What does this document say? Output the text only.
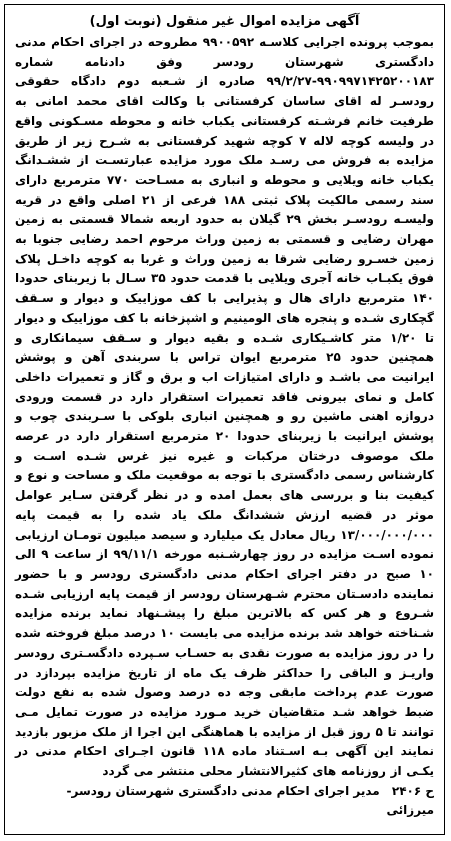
آگهی مزایده اموال غیر منقول (نوبت اول)

بموجب پرونده اجرایی کلاسـه ۹۹۰۰۵۹۲ مطروحه در اجرای احکام مدنی دادگستری شهرستان رودسر وفق دادنامه شماره ۹۹۰۹۹۷۱۴۲۵۲۰۰۱۸۳-۹۹/۲/۲۷ صادره از شـعبه دوم دادگاه حقوقی رودسـر له اقای ساسان کرفستانی با وکالت اقای محمد امانی به طرفیت خانم فرشـته کرفستانی یکباب خانه و محوطه مسـکونی واقع در ولیسه کوچه لاله ۷ کوچه شهید کرفستانی به شـرح زیر از طریق مزایده به فروش می رسـد ملک مورد مزایده عبارتسـت از ششـدانگ یکباب خانه ویلایی و محوطه و انباری به مسـاحت ۷۷۰ مترمربع دارای سند رسمی مالکیت پلاک ثبتی ۱۸۸ فرعی از ۲۱ اصلی واقع در قریه ولیسـه رودسـر بخش ۲۹ گیلان به حدود اربعه شمالا قسمتی به زمین مهران رضایی و قسمتی به زمین وراث مرحوم احمد رضایی جنوبا به زمین خسـرو رضایی شرقا به زمین وراث و غربا به کوچه داخـل پلاک فوق یکبـاب خانه آجری ویلایی با قدمت حدود ۳۵ سـال با زیربنای حدودا ۱۴۰ مترمربع دارای هال و پذیرایی با کف موزاییک و دیوار و سـقف گچکاری شـده و پنجره های الومینیم و اشپزخانه با کف موزاییک و دیوار تا ۱/۲۰ متر کاشـیکاری شـده و بقیه دیوار و سـقف سیمانکاری و همچنین حدود ۲۵ مترمربع ایوان تراس با سربندی آهن و پوشش ایرانیت می باشـد و دارای امتیازات اب و برق و گاز و تعمیرات داخلی کامل و نمای بیرونی فاقد تعمیرات استقرار دارد در قسمت ورودی دروازه اهنی ماشین رو و همچنین انباری بلوکی با سـربندی چوب و پوشش ایرانیت با زیربنای حدودا ۲۰ مترمربع استقرار دارد در عرصه ملک موصوف درختان مرکبات و غیره نیز غرس شـده اسـت و کارشناس رسمی دادگستری با توجه به موقعیت ملک و مساحت و نوع و کیفیت بنا و بررسی های بعمل امده و در نظر گرفتن سـایر عوامل موثر در قضیه ارزش ششدانگ ملک یاد شده را به قیمت پایه ۱۳/۰۰۰/۰۰۰/۰۰۰ ریال معادل یک میلیارد و سیصد میلیون تومـان ارزیابی نموده اسـت مزایده در روز چهارشـنبه مورخه ۹۹/۱۱/۱ از ساعت ۹ الی ۱۰ صبح در دفتر اجرای احکام مدنی دادگستری رودسر و با حضور نماینده دادسـتان محترم شـهرستان رودسر از قیمت پایه ارزیابی شـده شـروع و هر کس که بالاترین مبلغ را پیشـنهاد نماید برنده مزایده شـناخته خواهد شد برنده مزایده می بایست ۱۰ درصد مبلغ فروخته شده را در روز مزایده به صورت نقدی به حسـاب سـپرده دادگسـتری رودسر واریـز و الباقی را حداکثر ظرف یک ماه از تاریخ مزایده بپردازد در صورت عدم پرداخت مابقی وجه ده درصد وصول شده به نفع دولت ضبط خواهد شـد متقاضیان خرید مـورد مزایده در صورت تمایل مـی توانند تا ۵ روز قبل از مزایده با هماهنگی این اجرا از ملک مزبور بازدید نمایند این آگهی بـه اسـتناد ماده ۱۱۸ قانون اجـرای احکام مدنی در یکـی از روزنامه های کثیرالانتشار محلی منتشر می گردد

ح ۲۴۰۶ مدیر اجرای احکام مدنی دادگستری شهرستان رودسر- میرزائی
